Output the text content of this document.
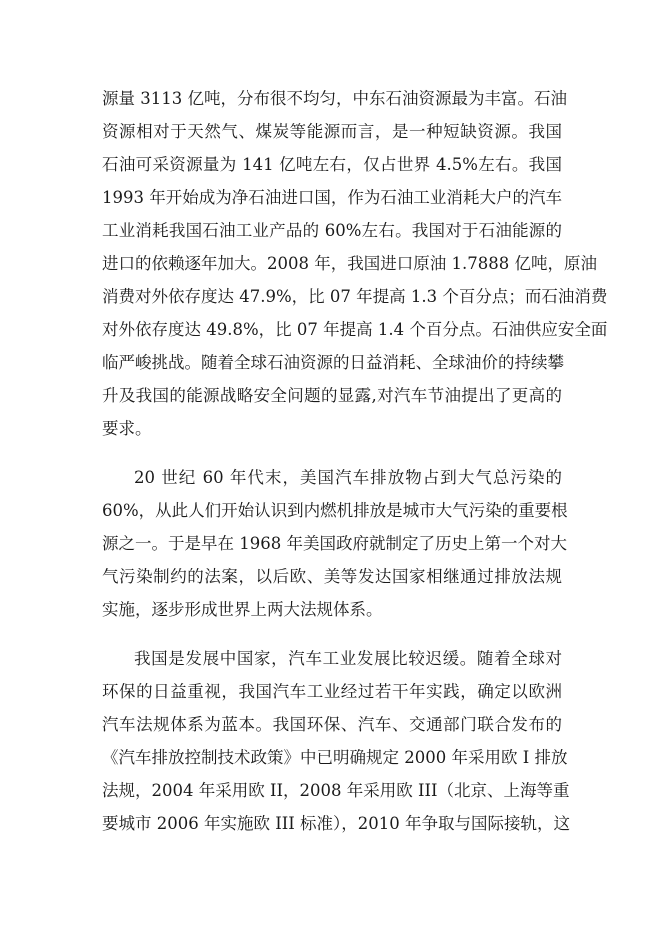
源量 3113 亿吨，分布很不均匀，中东石油资源最为丰富。石油
资源相对于天然气、煤炭等能源而言，是一种短缺资源。我国
石油可采资源量为 141 亿吨左右，仅占世界 4.5%左右。我国
1993 年开始成为净石油进口国，作为石油工业消耗大户的汽车
工业消耗我国石油工业产品的 60%左右。我国对于石油能源的
进口的依赖逐年加大。2008 年，我国进口原油 1.7888 亿吨，原油
消费对外依存度达 47.9%，比 07 年提高 1.3 个百分点；而石油消费
对外依存度达 49.8%，比 07 年提高 1.4 个百分点。石油供应安全面
临严峻挑战。随着全球石油资源的日益消耗、全球油价的持续攀
升及我国的能源战略安全问题的显露,对汽车节油提出了更高的
要求。
20 世纪 60 年代末，美国汽车排放物占到大气总污染的
60%，从此人们开始认识到内燃机排放是城市大气污染的重要根
源之一。于是早在 1968 年美国政府就制定了历史上第一个对大
气污染制约的法案，以后欧、美等发达国家相继通过排放法规
实施，逐步形成世界上两大法规体系。
我国是发展中国家，汽车工业发展比较迟缓。随着全球对
环保的日益重视，我国汽车工业经过若干年实践，确定以欧洲
汽车法规体系为蓝本。我国环保、汽车、交通部门联合发布的
《汽车排放控制技术政策》中已明确规定 2000 年采用欧 I 排放
法规，2004 年采用欧 II，2008 年采用欧 III（北京、上海等重
要城市 2006 年实施欧 III 标准），2010 年争取与国际接轨，这
